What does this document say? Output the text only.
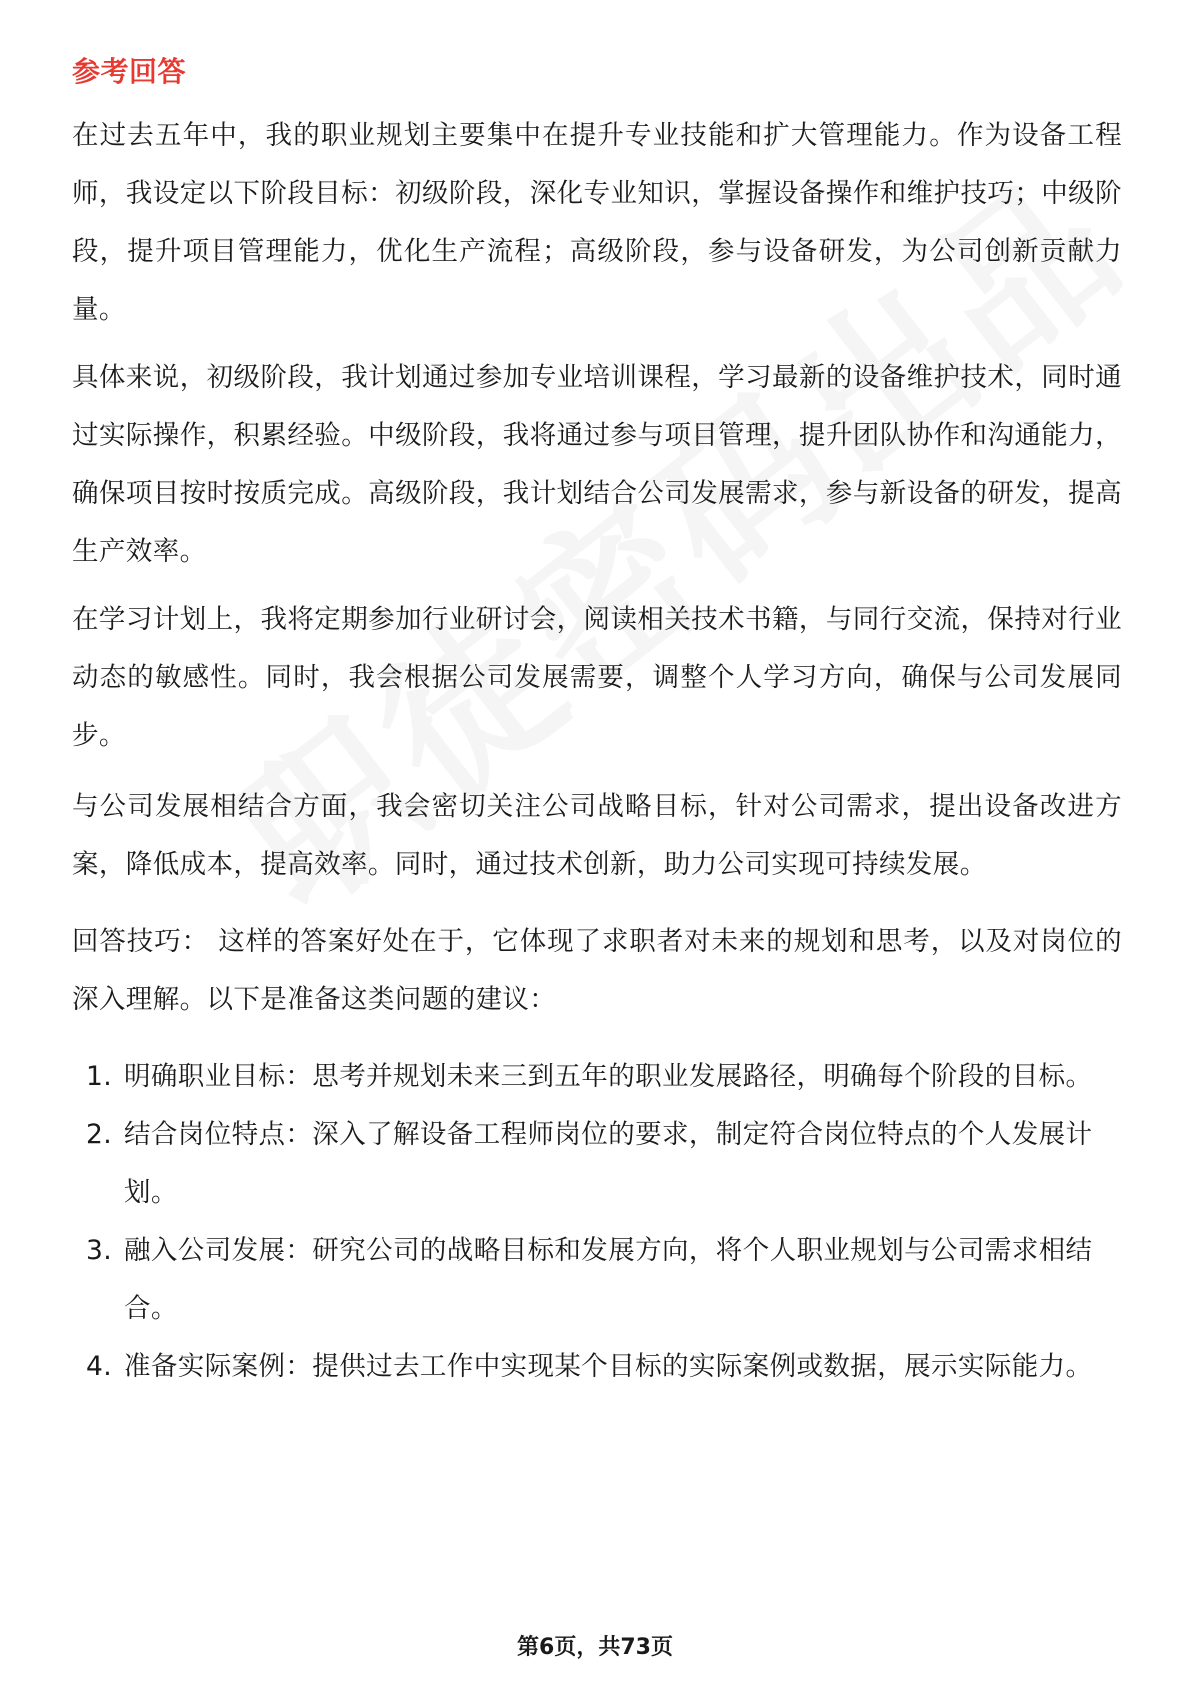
参考回答

在过去五年中，我的职业规划主要集中在提升专业技能和扩大管理能力。作为设备工程师，我设定以下阶段目标：初级阶段，深化专业知识，掌握设备操作和维护技巧；中级阶段，提升项目管理能力，优化生产流程；高级阶段，参与设备研发，为公司创新贡献力量。

具体来说，初级阶段，我计划通过参加专业培训课程，学习最新的设备维护技术，同时通过实际操作，积累经验。中级阶段，我将通过参与项目管理，提升团队协作和沟通能力，确保项目按时按质完成。高级阶段，我计划结合公司发展需求，参与新设备的研发，提高生产效率。

在学习计划上，我将定期参加行业研讨会，阅读相关技术书籍，与同行交流，保持对行业动态的敏感性。同时，我会根据公司发展需要，调整个人学习方向，确保与公司发展同步。

与公司发展相结合方面，我会密切关注公司战略目标，针对公司需求，提出设备改进方案，降低成本，提高效率。同时，通过技术创新，助力公司实现可持续发展。

回答技巧： 这样的答案好处在于，它体现了求职者对未来的规划和思考，以及对岗位的深入理解。以下是准备这类问题的建议：

1. 明确职业目标：思考并规划未来三到五年的职业发展路径，明确每个阶段的目标。
2. 结合岗位特点：深入了解设备工程师岗位的要求，制定符合岗位特点的个人发展计划。
3. 融入公司发展：研究公司的战略目标和发展方向，将个人职业规划与公司需求相结合。
4. 准备实际案例：提供过去工作中实现某个目标的实际案例或数据，展示实际能力。
第6页，共73页
